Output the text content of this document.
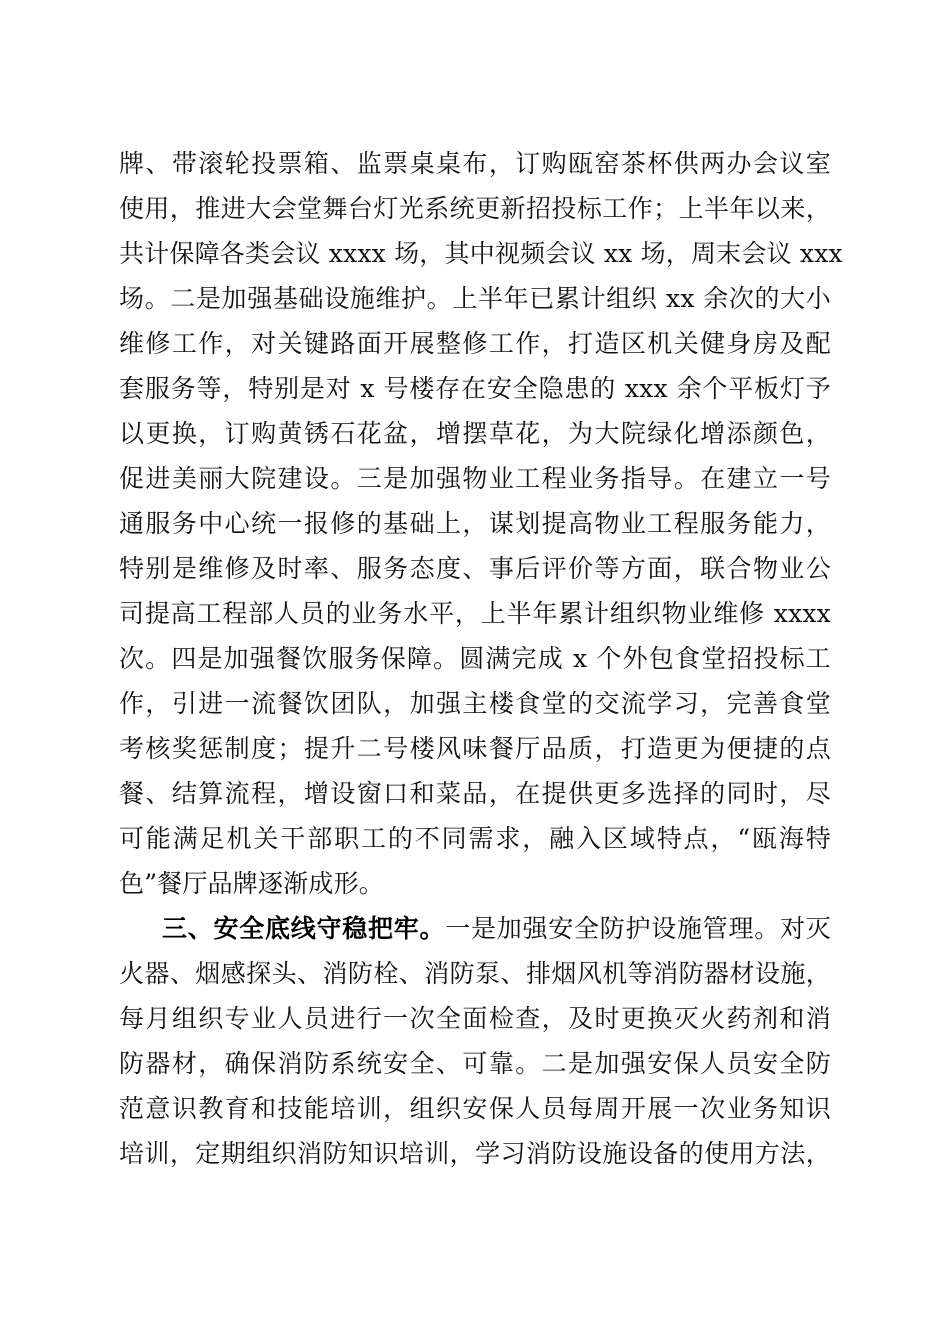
牌、带滚轮投票箱、监票桌桌布，订购瓯窑茶杯供两办会议室
使用，推进大会堂舞台灯光系统更新招投标工作；上半年以来，
共计保障各类会议 xxxx 场，其中视频会议 xx 场，周末会议 xxx
场。二是加强基础设施维护。上半年已累计组织 xx 余次的大小
维修工作，对关键路面开展整修工作，打造区机关健身房及配
套服务等，特别是对 x 号楼存在安全隐患的 xxx 余个平板灯予
以更换，订购黄锈石花盆，增摆草花，为大院绿化增添颜色，
促进美丽大院建设。三是加强物业工程业务指导。在建立一号
通服务中心统一报修的基础上，谋划提高物业工程服务能力，
特别是维修及时率、服务态度、事后评价等方面，联合物业公
司提高工程部人员的业务水平，上半年累计组织物业维修 xxxx
次。四是加强餐饮服务保障。圆满完成 x 个外包食堂招投标工
作，引进一流餐饮团队，加强主楼食堂的交流学习，完善食堂
考核奖惩制度；提升二号楼风味餐厅品质，打造更为便捷的点
餐、结算流程，增设窗口和菜品，在提供更多选择的同时，尽
可能满足机关干部职工的不同需求，融入区域特点，“瓯海特
色”餐厅品牌逐渐成形。
三、安全底线守稳把牢。一是加强安全防护设施管理。对灭
火器、烟感探头、消防栓、消防泵、排烟风机等消防器材设施，
每月组织专业人员进行一次全面检查，及时更换灭火药剂和消
防器材，确保消防系统安全、可靠。二是加强安保人员安全防
范意识教育和技能培训，组织安保人员每周开展一次业务知识
培训，定期组织消防知识培训，学习消防设施设备的使用方法，
